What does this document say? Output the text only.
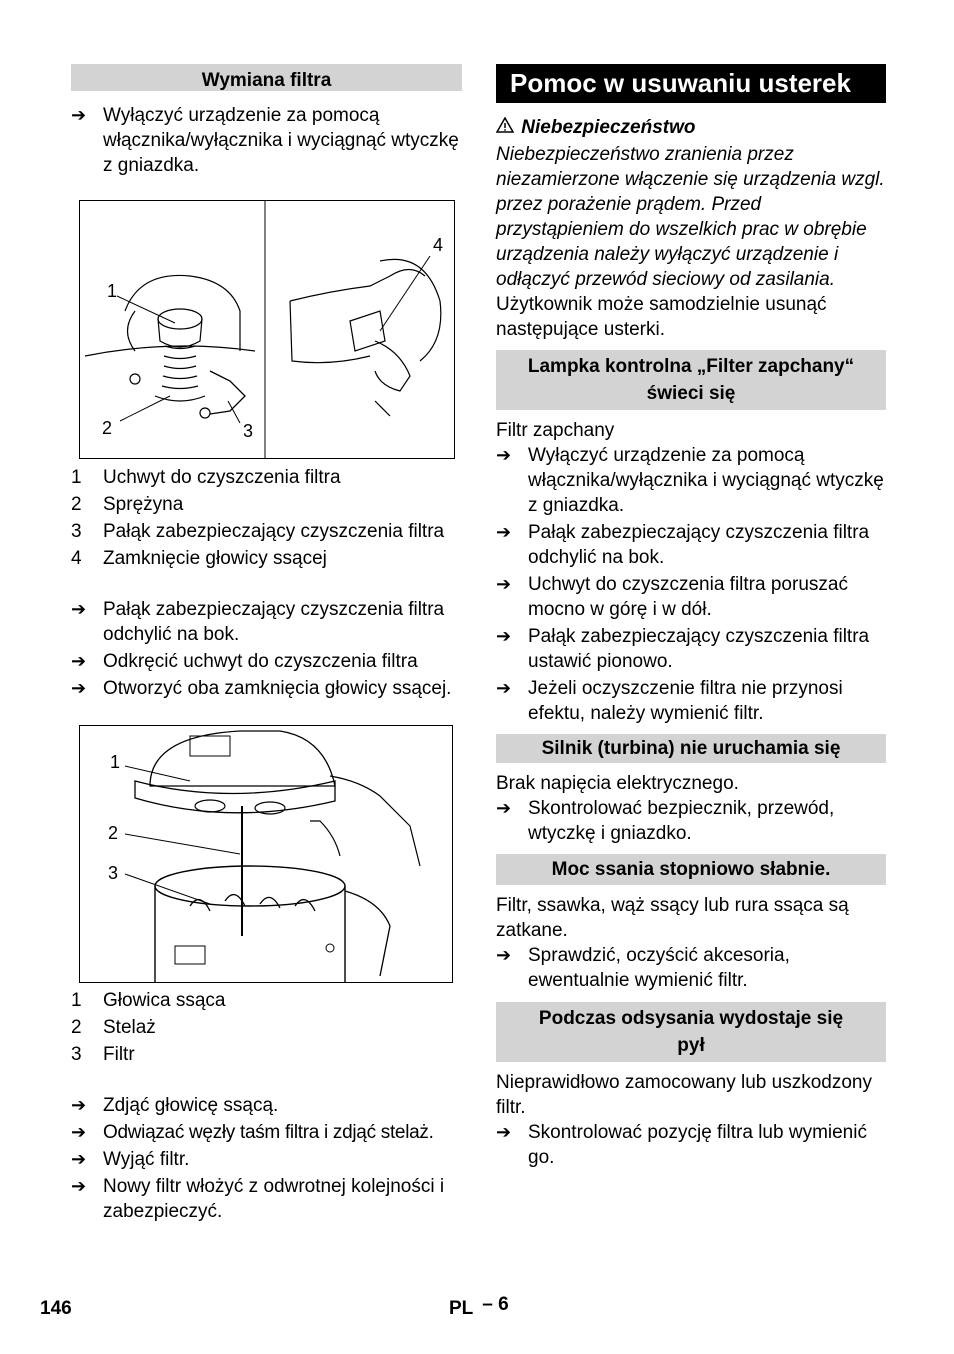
Wymiana filtra
➔ Wyłączyć urządzenie za pomocą włącznika/wyłącznika i wyciągnąć wtyczkę z gniazdka.
1
2	3
4
1 Uchwyt do czyszczenia filtra
2 Sprężyna
3 Pałąk zabezpieczający czyszczenia filtra
4 Zamknięcie głowicy ssącej
➔ Pałąk zabezpieczający czyszczenia filtra odchylić na bok.
➔ Odkręcić uchwyt do czyszczenia filtra
➔ Otworzyć oba zamknięcia głowicy ssącej.
1
2
3
1 Głowica ssąca
2 Stelaż
3 Filtr
➔ Zdjąć głowicę ssącą.
➔ Odwiązać węzły taśm filtra i zdjąć stelaż.
➔ Wyjąć filtr.
➔ Nowy filtr włożyć z odwrotnej kolejności i zabezpieczyć.
Pomoc w usuwaniu usterek
Niebezpieczeństwo

Niebezpieczeństwo zranienia przez niezamierzone włączenie się urządzenia wzgl. przez porażenie prądem. Przed przystąpieniem do wszelkich prac w obrębie urządzenia należy wyłączyć urządzenie i odłączyć przewód sieciowy od zasilania.

Użytkownik może samodzielnie usunąć następujące usterki.

Lampka kontrolna „Filter zapchany“ świeci się

Filtr zapchany

➔ Wyłączyć urządzenie za pomocą włącznika/wyłącznika i wyciągnąć wtyczkę z gniazdka.
➔ Pałąk zabezpieczający czyszczenia filtra odchylić na bok.
➔ Uchwyt do czyszczenia filtra poruszać mocno w górę i w dół.
➔ Pałąk zabezpieczający czyszczenia filtra ustawić pionowo.
➔ Jeżeli oczyszczenie filtra nie przynosi efektu, należy wymienić filtr.
Silnik (turbina) nie uruchamia się

Brak napięcia elektrycznego.

➔ Skontrolować bezpiecznik, przewód, wtyczkę i gniazdko.
Moc ssania stopniowo słabnie.

Filtr, ssawka, wąż ssący lub rura ssąca są zatkane.

➔ Sprawdzić, oczyścić akcesoria, ewentualnie wymienić filtr.
Podczas odsysania wydostaje się pył

Nieprawidłowo zamocowany lub uszkodzony filtr.

➔ Skontrolować pozycję filtra lub wymienić go.
146	PL – 6
